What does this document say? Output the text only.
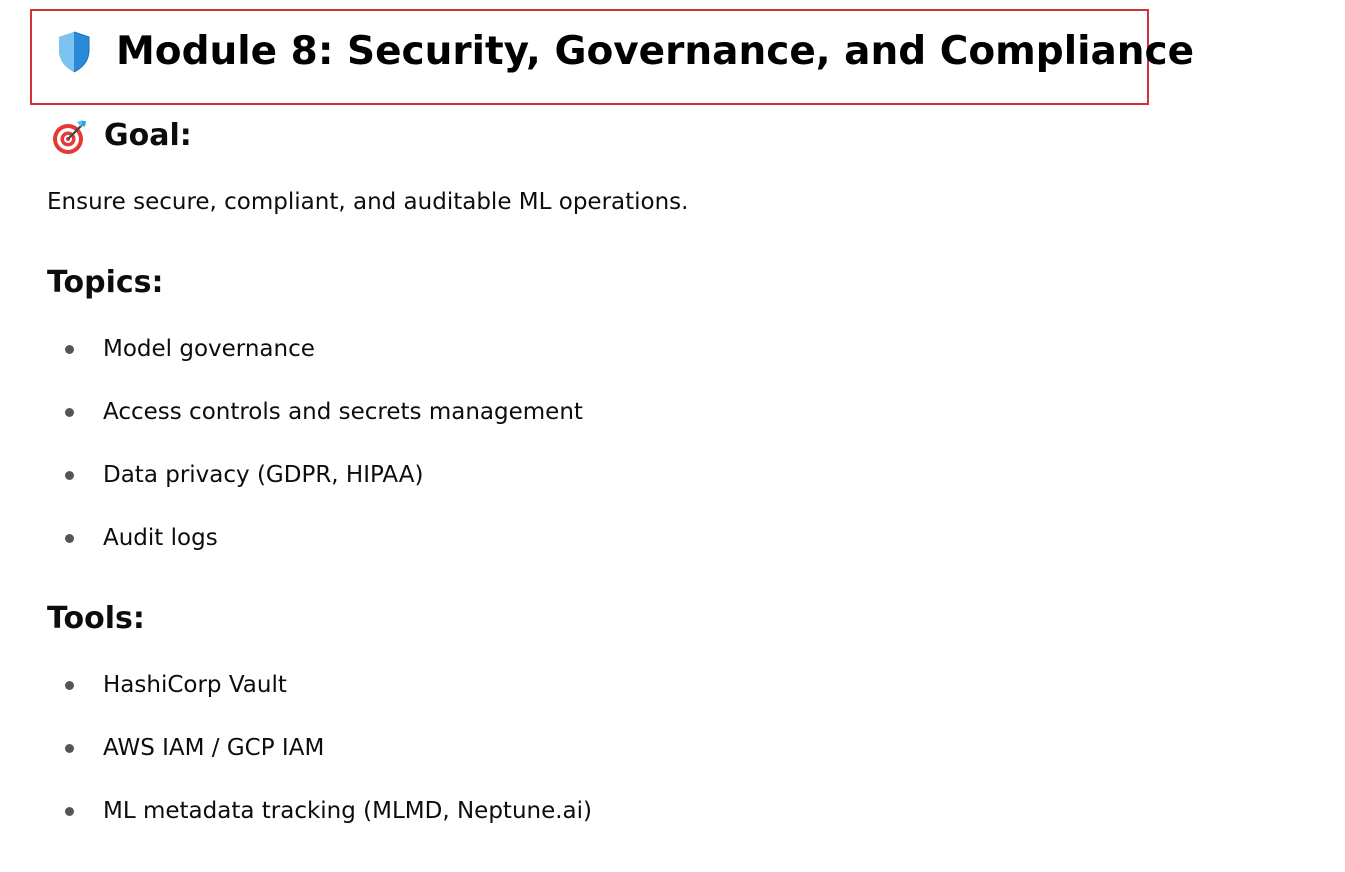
Module 8: Security, Governance, and Compliance
Goal:

Ensure secure, compliant, and auditable ML operations.

Topics:
Model governance
Access controls and secrets management
Data privacy (GDPR, HIPAA)
Audit logs
Tools:
HashiCorp Vault
AWS IAM / GCP IAM
ML metadata tracking (MLMD, Neptune.ai)
